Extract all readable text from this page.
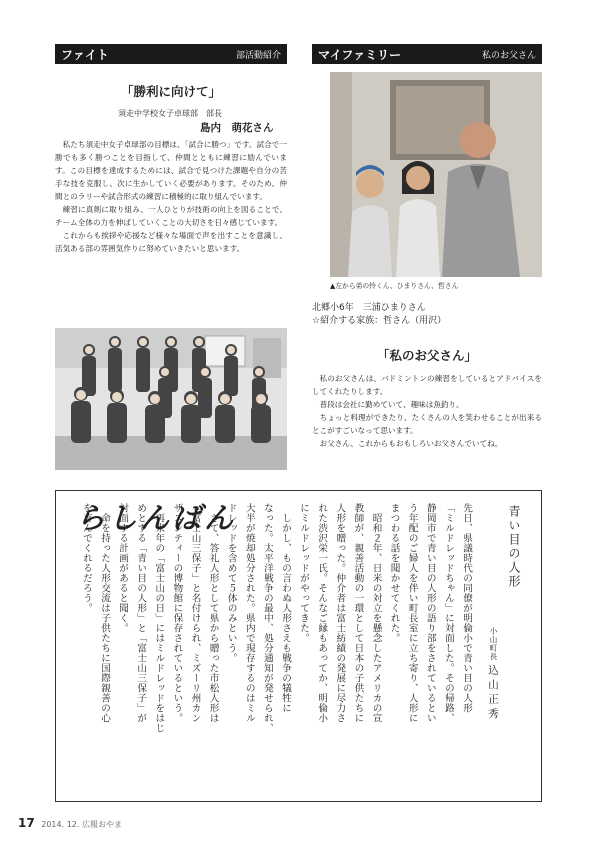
ファイト	部活動紹介
「勝利に向けて」
須走中学校女子卓球部　部長
島内　萌花さん

私たち須走中女子卓球部の目標は、「試合に勝つ」です。試合で一勝でも多く勝つことを目指して、仲間とともに練習に励んでいます。この目標を達成するためには、試合で見つけた課題や自分の苦手な技を克服し、次に生かしていく必要があります。そのため、仲間とのラリーや試合形式の練習に積極的に取り組んでいます。

練習に真剣に取り組み、一人ひとりが技術の向上を図ることで、チーム全体の力を伸ばしていくことの大切さを日々感じています。

これからも挨拶や応援など様々な場面で声を出すことを意識し、活気ある部の雰囲気作りに努めていきたいと思います。

マイファミリー	私のお父さん
▲左から弟の怜くん、ひまりさん、哲さん
北郷小6年　三浦ひまりさん
☆紹介する家族：哲さん（用沢）
「私のお父さん」

私のお父さんは、バドミントンの練習をしているとアドバイスをしてくれたりします。

普段は会社に勤めていて、趣味は魚釣り。

ちょっと料理ができたり、たくさんの人を笑わせることが出来るとこがすごいなって思います。

お父さん、これからもおもしろいお父さんでいてね。

らしんばん	青い目の人形
小山町長 込山正秀
先日、県議時代の同僚が明倫小で青い目の人形
「ミルドレッドちゃん」に対面した。その帰路、
静岡市で青い目の人形の語り部をされているとい
う年配のご婦人を伴い町長室に立ち寄り、人形に
まつわる話を聞かせてくれた。
　昭和２年、日米の対立を懸念したアメリカの宣
教師が、親善活動の一環として日本の子供たちに
人形を贈った。仲介者は富士紡績の発展に尽力さ
れた渋沢栄一氏。そんなご縁もあってか、明倫小
にミルドレッドがやってきた。
　しかし、もの言わぬ人形さえも戦争の犠牲に
なった。太平洋戦争の最中、処分通知が発せられ、
大半が焼却処分された。県内で現存するのはミル
ドレッドを含めて５体のみという。
　さて、答礼人形として県から贈った市松人形は
「富士山三保子」と名付けられ、ミズーリ州カン
ザスシティーの博物館に保存されているという。
　再来年の「富士山の日」にはミルドレッドをはじ
めとする「青い目の人形」と「富士山三保子」が
対面する計画があると聞く。
　命を持った人形交流は子供たちに国際親善の心
を育んでくれるだろう。
17 2014. 12. 広報おやま
